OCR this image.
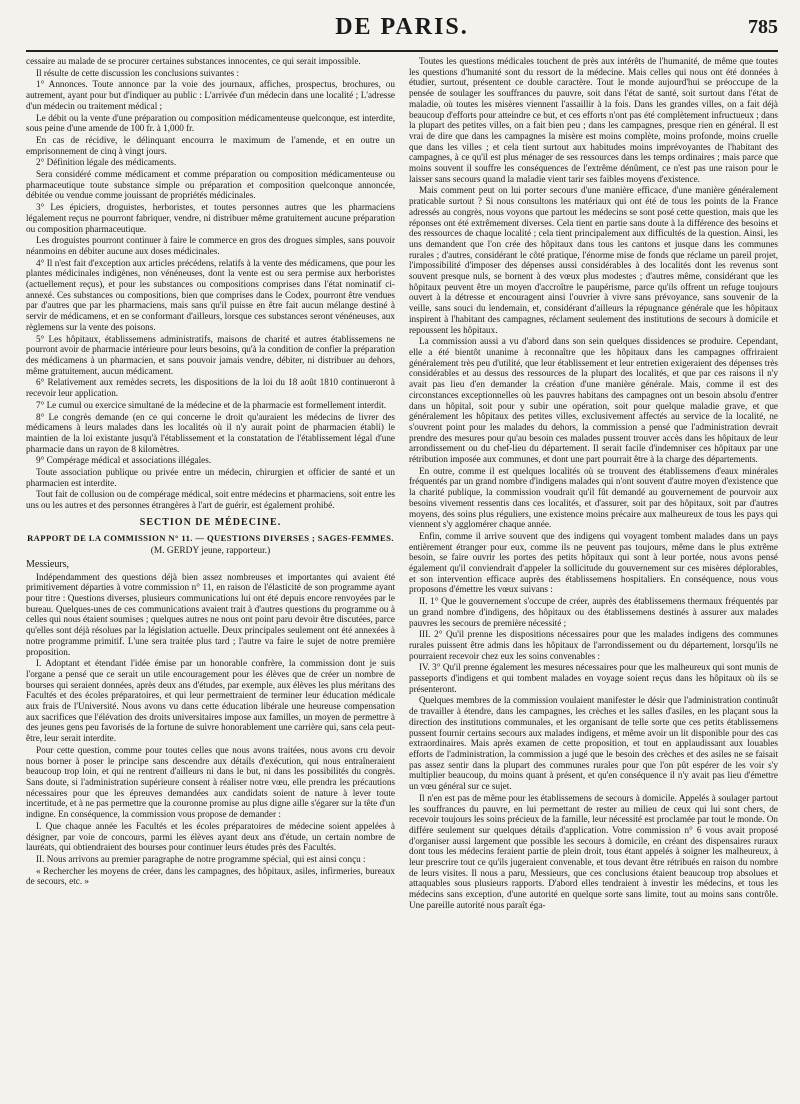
DE PARIS.	785

cessaire au malade de se procurer certaines substances innocentes, ce qui serait impossible.

Il résulte de cette discussion les conclusions suivantes :

1° Annonces. Toute annonce par la voie des journaux, affiches, prospectus, brochures, ou autrement, ayant pour but d'indiquer au public : L'arrivée d'un médecin dans une localité ; L'adresse d'un médecin ou traitement médical ;

Le débit ou la vente d'une préparation ou composition médicamenteuse quelconque, est interdite, sous peine d'une amende de 100 fr. à 1,000 fr.

En cas de récidive, le délinquant encourra le maximum de l'amende, et en outre un emprisonnement de cinq à vingt jours.

2° Définition légale des médicaments.

Sera considéré comme médicament et comme préparation ou composition médicamenteuse ou pharmaceutique toute substance simple ou préparation et composition quelconque annoncée, débitée ou vendue comme jouissant de propriétés médicinales.

3° Les épiciers, droguistes, herboristes, et toutes personnes autres que les pharmaciens légalement reçus ne pourront fabriquer, vendre, ni distribuer même gratuitement aucune préparation ou composition pharmaceutique.

Les droguistes pourront continuer à faire le commerce en gros des drogues simples, sans pouvoir néanmoins en débiter aucune aux doses médicinales.

4° Il n'est fait d'exception aux articles précédens, relatifs à la vente des médicamens, que pour les plantes médicinales indigènes, non vénéneuses, dont la vente est ou sera permise aux herboristes (actuellement reçus), et pour les substances ou compositions comprises dans l'état nominatif ci-annexé. Ces substances ou compositions, bien que comprises dans le Codex, pourront être vendues par d'autres que par les pharmaciens, mais sans qu'il puisse en être fait aucun mélange destiné à servir de médicamens, et en se conformant d'ailleurs, lorsque ces substances seront vénéneuses, aux règlemens sur la vente des poisons.

5° Les hôpitaux, établissemens administratifs, maisons de charité et autres établissemens ne pourront avoir de pharmacie intérieure pour leurs besoins, qu'à la condition de confier la préparation des médicamens à un pharmacien, et sans pouvoir jamais vendre, débiter, ni distribuer au dehors, même gratuitement, aucun médicament.

6° Relativement aux remèdes secrets, les dispositions de la loi du 18 août 1810 continueront à recevoir leur application.

7° Le cumul ou exercice simultané de la médecine et de la pharmacie est formellement interdit.

8° Le congrès demande (en ce qui concerne le droit qu'auraient les médecins de livrer des médicamens à leurs malades dans les localités où il n'y aurait point de pharmacien établi) le maintien de la loi existante jusqu'à l'établissement et la constatation de l'établissement légal d'une pharmacie dans un rayon de 8 kilomètres.

9° Compérage médical et associations illégales.

Toute association publique ou privée entre un médecin, chirurgien et officier de santé et un pharmacien est interdite.

Tout fait de collusion ou de compérage médical, soit entre médecins et pharmaciens, soit entre les uns ou les autres et des personnes étrangères à l'art de guérir, est également prohibé.

SECTION DE MÉDECINE.
RAPPORT DE LA COMMISSION N° 11. — QUESTIONS DIVERSES ; SAGES-FEMMES.
(M. GERDY jeune, rapporteur.)

Messieurs,

Indépendamment des questions déjà bien assez nombreuses et importantes qui avaient été primitivement départies à votre commission n° 11, en raison de l'élasticité de son programme ayant pour titre : Questions diverses, plusieurs communications lui ont été depuis encore renvoyées par le bureau. Quelques-unes de ces communications avaient trait à d'autres questions du programme ou à celles qui nous étaient soumises ; quelques autres ne nous ont point paru devoir être discutées, parce qu'elles sont déjà résolues par la législation actuelle. Deux principales seulement ont été annexées à notre programme primitif. L'une sera traitée plus tard ; l'autre va faire le sujet de notre première proposition.

I. Adoptant et étendant l'idée émise par un honorable confrère, la commission dont je suis l'organe a pensé que ce serait un utile encouragement pour les élèves que de créer un nombre de bourses qui seraient données, après deux ans d'études, par exemple, aux élèves les plus méritans des Facultés et des écoles préparatoires, et qui leur permettraient de terminer leur éducation médicale aux frais de l'Université. Nous avons vu dans cette éducation libérale une heureuse compensation aux sacrifices que l'élévation des droits universitaires impose aux familles, un moyen de permettre à des jeunes gens peu favorisés de la fortune de suivre honorablement une carrière qui, sans cela peut-être, leur serait interdite.

Pour cette question, comme pour toutes celles que nous avons traitées, nous avons cru devoir nous borner à poser le principe sans descendre aux détails d'exécution, qui nous entraîneraient beaucoup trop loin, et qui ne rentrent d'ailleurs ni dans le but, ni dans les possibilités du congrès. Sans doute, si l'administration supérieure consent à réaliser notre vœu, elle prendra les précautions nécessaires pour que les épreuves demandées aux candidats soient de nature à lever toute incertitude, et à ne pas permettre que la couronne promise au plus digne aille s'égarer sur la tête d'un indigne. En conséquence, la commission vous propose de demander :

I. Que chaque année les Facultés et les écoles préparatoires de médecine soient appelées à désigner, par voie de concours, parmi les élèves ayant deux ans d'étude, un certain nombre de lauréats, qui obtiendraient des bourses pour continuer leurs études près des Facultés.

II. Nous arrivons au premier paragraphe de notre programme spécial, qui est ainsi conçu :

« Rechercher les moyens de créer, dans les campagnes, des hôpitaux, asiles, infirmeries, bureaux de secours, etc. »

Toutes les questions médicales touchent de près aux intérêts de l'humanité, de même que toutes les questions d'humanité sont du ressort de la médecine. Mais celles qui nous ont été données à étudier, surtout, présentent ce double caractère. Tout le monde aujourd'hui se préoccupe de la pensée de soulager les souffrances du pauvre, soit dans l'état de santé, soit surtout dans l'état de maladie, où toutes les misères viennent l'assaillir à la fois. Dans les grandes villes, on a fait déjà beaucoup d'efforts pour atteindre ce but, et ces efforts n'ont pas été complètement infructueux ; dans la plupart des petites villes, on a fait bien peu ; dans les campagnes, presque rien en général. Il est vrai de dire que dans les campagnes la misère est moins complète, moins profonde, moins cruelle que dans les villes ; et cela tient surtout aux habitudes moins imprévoyantes de l'habitant des campagnes, à ce qu'il est plus ménager de ses ressources dans les temps ordinaires ; mais parce que moins souvent il souffre les conséquences de l'extrême dénûment, ce n'est pas une raison pour le laisser sans secours quand la maladie vient tarir ses faibles moyens d'existence.

Mais comment peut on lui porter secours d'une manière efficace, d'une manière généralement praticable surtout ? Si nous consultons les matériaux qui ont été de tous les points de la France adressés au congrès, nous voyons que partout les médecins se sont posé cette question, mais que les réponses ont été extrêmement diverses. Cela tient en partie sans doute à la différence des besoins et des ressources de chaque localité ; cela tient principalement aux difficultés de la question. Ainsi, les uns demandent que l'on crée des hôpitaux dans tous les cantons et jusque dans les communes rurales ; d'autres, considérant le côté pratique, l'énorme mise de fonds que réclame un pareil projet, l'impossibilité d'imposer des dépenses aussi considérables à des localités dont les revenus sont souvent presque nuls, se bornent à des vœux plus modestes ; d'autres même, considérant que les hôpitaux peuvent être un moyen d'accroître le paupérisme, parce qu'ils offrent un refuge toujours ouvert à la détresse et encouragent ainsi l'ouvrier à vivre sans prévoyance, sans souvenir de la veille, sans souci du lendemain, et, considérant d'ailleurs la répugnance générale que les hôpitaux inspirent à l'habitant des campagnes, réclament seulement des institutions de secours à domicile et repoussent les hôpitaux.

La commission aussi a vu d'abord dans son sein quelques dissidences se produire. Cependant, elle a été bientôt unanime à reconnaître que les hôpitaux dans les campagnes offriraient généralement très peu d'utilité, que leur établissement et leur entretien exigeraient des dépenses très considérables et au dessus des ressources de la plupart des localités, et que par ces raisons il n'y avait pas lieu d'en demander la création d'une manière générale. Mais, comme il est des circonstances exceptionnelles où les pauvres habitans des campagnes ont un besoin absolu d'entrer dans un hôpital, soit pour y subir une opération, soit pour quelque maladie grave, et que généralement les hôpitaux des petites villes, exclusivement affectés au service de la localité, ne s'ouvrent point pour les malades du dehors, la commission a pensé que l'administration devrait prendre des mesures pour qu'au besoin ces malades pussent trouver accès dans les hôpitaux de leur arrondissement ou du chef-lieu du département. Il serait facile d'indemniser ces hôpitaux par une rétribution imposée aux communes, et dont une part pourrait être à la charge des départements.

En outre, comme il est quelques localités où se trouvent des établissemens d'eaux minérales fréquentés par un grand nombre d'indigens malades qui n'ont souvent d'autre moyen d'existence que la charité publique, la commission voudrait qu'il fût demandé au gouvernement de pourvoir aux besoins vivement ressentis dans ces localités, et d'assurer, soit par des hôpitaux, soit par d'autres moyens, des soins plus réguliers, une existence moins précaire aux malheureux de tous les pays qui viennent s'y agglomérer chaque année.

Enfin, comme il arrive souvent que des indigens qui voyagent tombent malades dans un pays entièrement étranger pour eux, comme ils ne peuvent pas toujours, même dans le plus extrême besoin, se faire ouvrir les portes des petits hôpitaux qui sont à leur portée, nous avons pensé également qu'il conviendrait d'appeler la sollicitude du gouvernement sur ces misères déplorables, et son intervention efficace auprès des établissemens hospitaliers. En conséquence, nous vous proposons d'émettre les vœux suivans :

II. 1° Que le gouvernement s'occupe de créer, auprès des établissemens thermaux fréquentés par un grand nombre d'indigens, des hôpitaux ou des établissemens destinés à assurer aux malades pauvres les secours de première nécessité ;

III. 2° Qu'il prenne les dispositions nécessaires pour que les malades indigens des communes rurales puissent être admis dans les hôpitaux de l'arrondissement ou du département, lorsqu'ils ne pourraient recevoir chez eux les soins convenables :

IV. 3° Qu'il prenne également les mesures nécessaires pour que les malheureux qui sont munis de passeports d'indigens et qui tombent malades en voyage soient reçus dans les hôpitaux où ils se présenteront.

Quelques membres de la commission voulaient manifester le désir que l'administration continuât de travailler à étendre, dans les campagnes, les crèches et les salles d'asiles, en les plaçant sous la direction des institutions communales, et les organisant de telle sorte que ces petits établissemens pussent fournir certains secours aux malades indigens, et même avoir un lit disponible pour des cas extraordinaires. Mais après examen de cette proposition, et tout en applaudissant aux louables efforts de l'administration, la commission a jugé que le besoin des crèches et des asiles ne se faisait pas assez sentir dans la plupart des communes rurales pour que l'on pût espérer de les voir s'y multiplier beaucoup, du moins quant à présent, et qu'en conséquence il n'y avait pas lieu d'émettre un vœu général sur ce sujet.

Il n'en est pas de même pour les établissemens de secours à domicile. Appelés à soulager partout les souffrances du pauvre, en lui permettant de rester au milieu de ceux qui lui sont chers, de recevoir toujours les soins précieux de la famille, leur nécessité est proclamée par tout le monde. On différe seulement sur quelques détails d'application. Votre commission n° 6 vous avait proposé d'organiser aussi largement que possible les secours à domicile, en créant des dispensaires ruraux dont tous les médecins feraient partie de plein droit, tous étant appelés à soigner les malheureux, à leur prescrire tout ce qu'ils jugeraient convenable, et tous devant être rétribués en raison du nombre de leurs visites. Il nous a paru, Messieurs, que ces conclusions étaient beaucoup trop absolues et attaquables sous plusieurs rapports. D'abord elles tendraient à investir les médecins, et tous les médecins sans exception, d'une autorité en quelque sorte sans limite, tout au moins sans contrôle. Une pareille autorité nous paraît éga-
